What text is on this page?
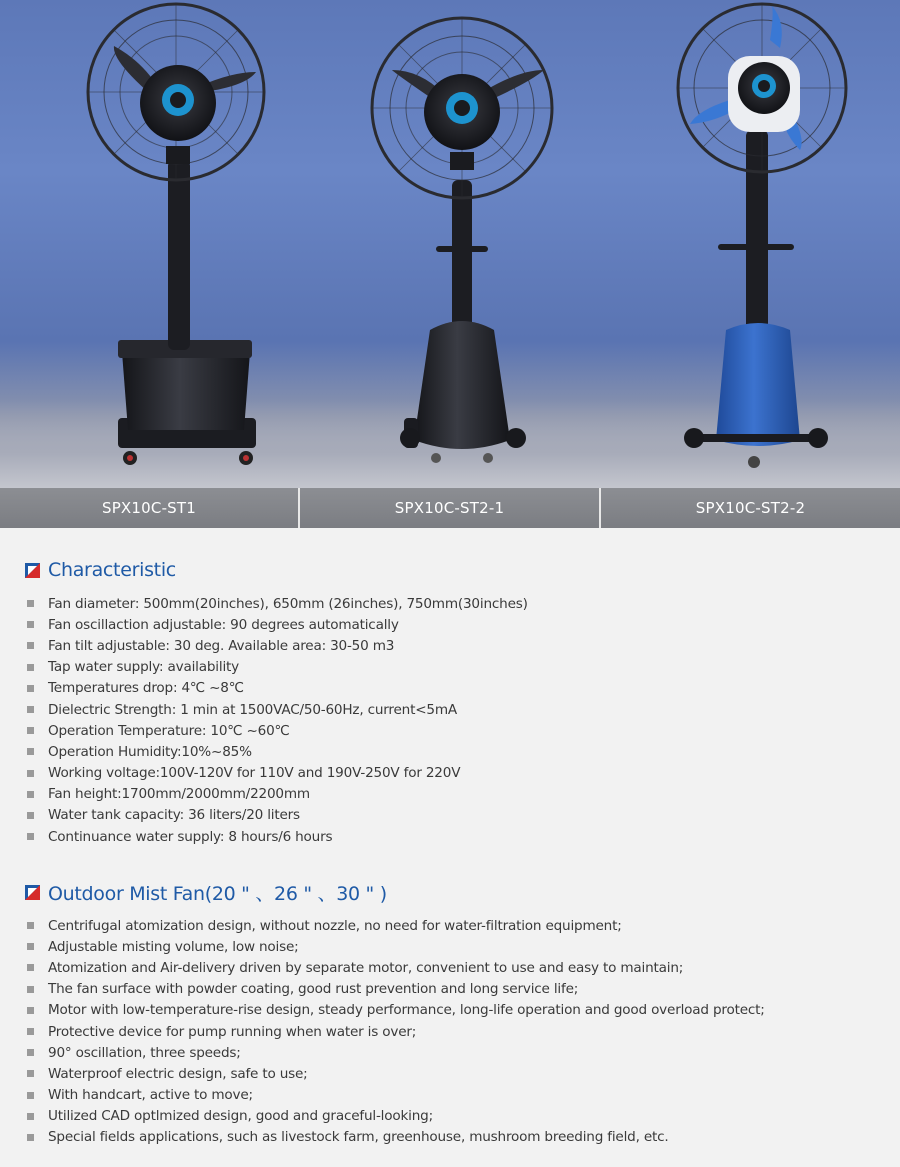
SPX10C-ST1	SPX10C-ST2-1	SPX10C-ST2-2
Characteristic
Fan diameter: 500mm(20inches), 650mm (26inches), 750mm(30inches)
Fan oscillaction adjustable: 90 degrees automatically
Fan tilt adjustable: 30 deg. Available area: 30-50 m3
Tap water supply: availability
Temperatures drop: 4℃ ~8℃
Dielectric Strength: 1 min at 1500VAC/50-60Hz, current<5mA
Operation Temperature: 10℃ ~60℃
Operation Humidity:10%~85%
Working voltage:100V-120V for 110V and 190V-250V for 220V
Fan height:1700mm/2000mm/2200mm
Water tank capacity: 36 liters/20 liters
Continuance water supply: 8 hours/6 hours
Outdoor Mist Fan(20 " 、26 " 、30 " )
Centrifugal atomization design, without nozzle, no need for water-filtration equipment;
Adjustable misting volume, low noise;
Atomization and Air-delivery driven by separate motor, convenient to use and easy to maintain;
The fan surface with powder coating, good rust prevention and long service life;
Motor with low-temperature-rise design, steady performance, long-life operation and good overload protect;
Protective device for pump running when water is over;
90° oscillation, three speeds;
Waterproof electric design, safe to use;
With handcart, active to move;
Utilized CAD optlmized design, good and graceful-looking;
Special fields applications, such as livestock farm, greenhouse, mushroom breeding field, etc.
